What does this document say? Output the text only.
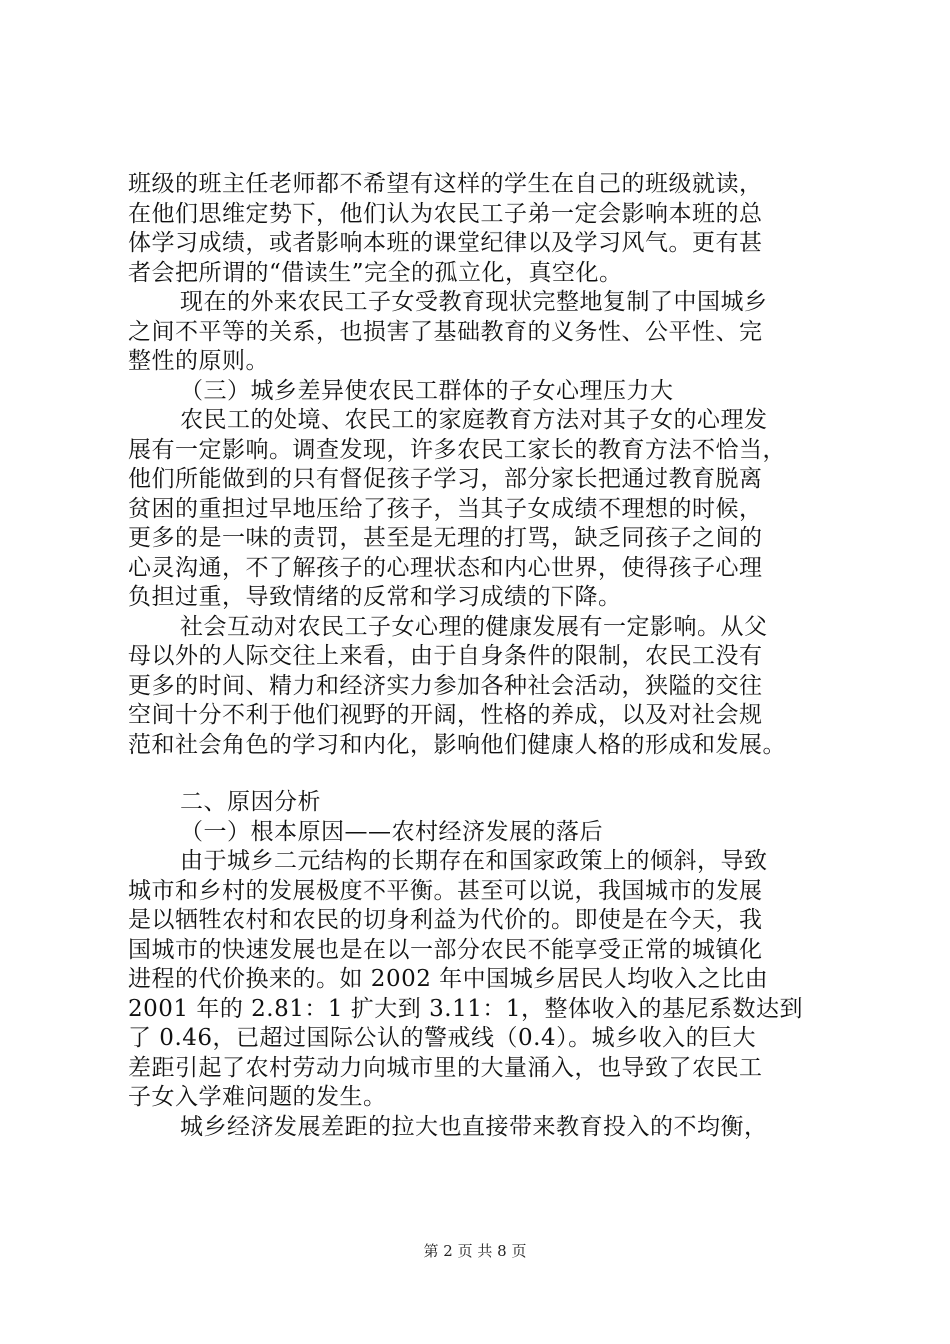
班级的班主任老师都不希望有这样的学生在自己的班级就读，
在他们思维定势下，他们认为农民工子弟一定会影响本班的总
体学习成绩，或者影响本班的课堂纪律以及学习风气。更有甚
者会把所谓的“借读生”完全的孤立化，真空化。
现在的外来农民工子女受教育现状完整地复制了中国城乡
之间不平等的关系，也损害了基础教育的义务性、公平性、完
整性的原则。
（三）城乡差异使农民工群体的子女心理压力大
农民工的处境、农民工的家庭教育方法对其子女的心理发
展有一定影响。调查发现，许多农民工家长的教育方法不恰当，
他们所能做到的只有督促孩子学习，部分家长把通过教育脱离
贫困的重担过早地压给了孩子，当其子女成绩不理想的时候，
更多的是一味的责罚，甚至是无理的打骂，缺乏同孩子之间的
心灵沟通，不了解孩子的心理状态和内心世界，使得孩子心理
负担过重，导致情绪的反常和学习成绩的下降。
社会互动对农民工子女心理的健康发展有一定影响。从父
母以外的人际交往上来看，由于自身条件的限制，农民工没有
更多的时间、精力和经济实力参加各种社会活动，狭隘的交往
空间十分不利于他们视野的开阔，性格的养成，以及对社会规
范和社会角色的学习和内化，影响他们健康人格的形成和发展。
二、原因分析
（一）根本原因——农村经济发展的落后
由于城乡二元结构的长期存在和国家政策上的倾斜，导致
城市和乡村的发展极度不平衡。甚至可以说，我国城市的发展
是以牺牲农村和农民的切身利益为代价的。即使是在今天，我
国城市的快速发展也是在以一部分农民不能享受正常的城镇化
进程的代价换来的。如 2002 年中国城乡居民人均收入之比由
2001 年的 2.81：1 扩大到 3.11：1，整体收入的基尼系数达到
了 0.46，已超过国际公认的警戒线（0.4）。城乡收入的巨大
差距引起了农村劳动力向城市里的大量涌入，也导致了农民工
子女入学难问题的发生。
城乡经济发展差距的拉大也直接带来教育投入的不均衡，
第 2 页 共 8 页
